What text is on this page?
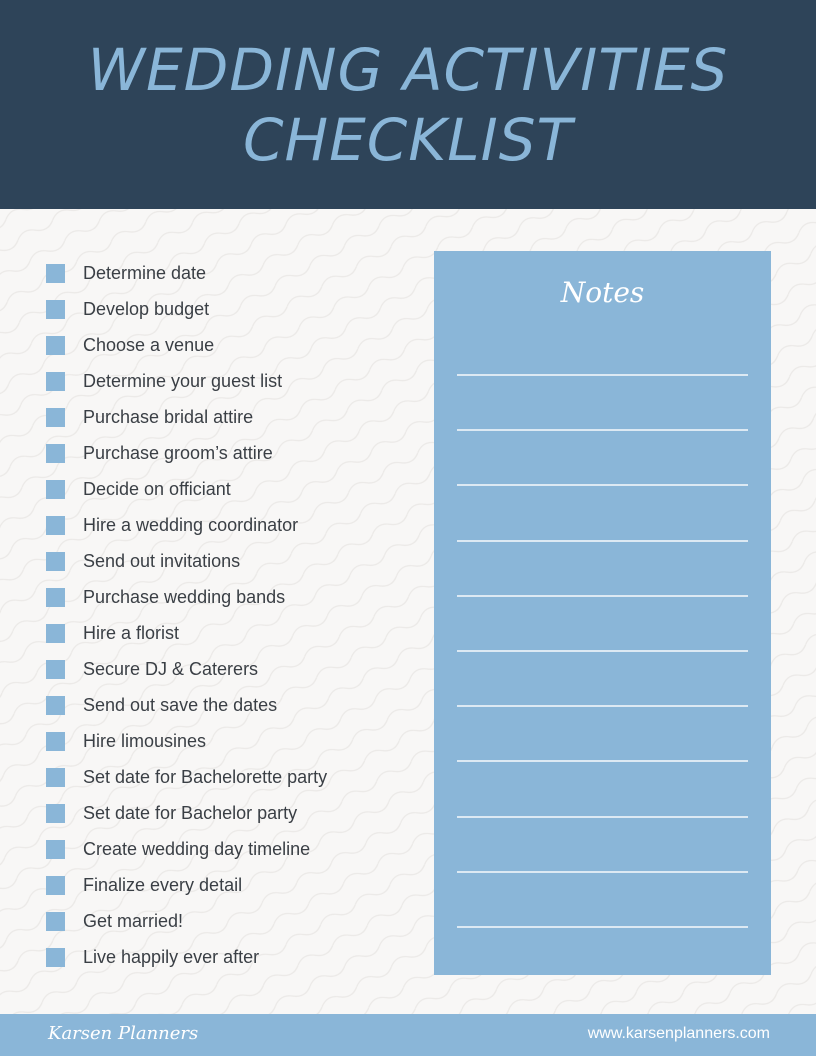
WEDDING ACTIVITIES CHECKLIST
Determine date
Develop budget
Choose a venue
Determine your guest list
Purchase bridal attire
Purchase groom’s attire
Decide on officiant
Hire a wedding coordinator
Send out invitations
Purchase wedding bands
Hire a florist
Secure DJ & Caterers
Send out save the dates
Hire limousines
Set date for Bachelorette party
Set date for Bachelor party
Create wedding day timeline
Finalize every detail
Get married!
Live happily ever after
Notes
Karsen Planners	www.karsenplanners.com
